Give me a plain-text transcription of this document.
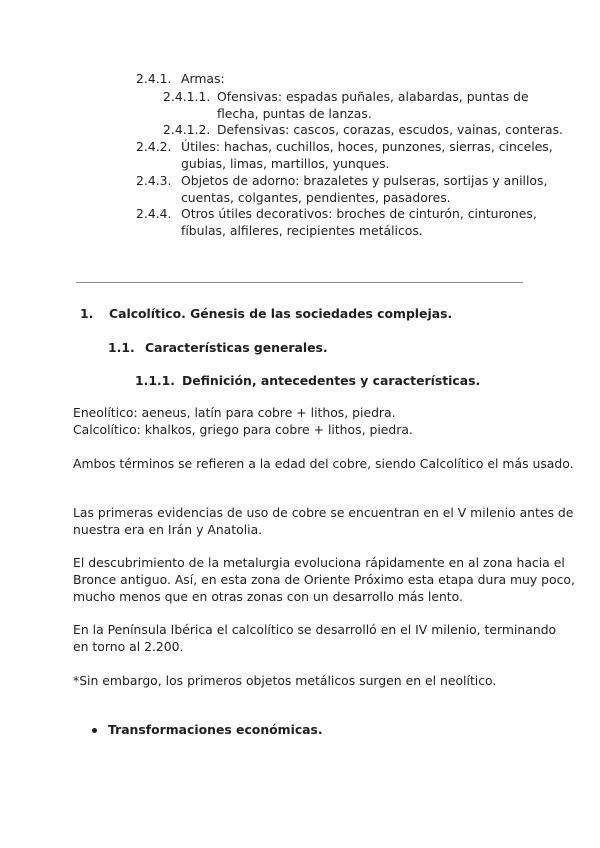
2.4.1. Armas:
2.4.1.1. Ofensivas: espadas puñales, alabardas, puntas de
flecha, puntas de lanzas.
2.4.1.2. Defensivas: cascos, corazas, escudos, vainas, conteras.
2.4.2. Útiles: hachas, cuchillos, hoces, punzones, sierras, cinceles,
gubias, limas, martillos, yunques.
2.4.3. Objetos de adorno: brazaletes y pulseras, sortijas y anillos,
cuentas, colgantes, pendientes, pasadores.
2.4.4. Otros útiles decorativos: broches de cinturón, cinturones,
fíbulas, alfileres, recipientes metálicos.
1. Calcolítico. Génesis de las sociedades complejas.
1.1. Características generales.
1.1.1. Definición, antecedentes y características.
Eneolítico: aeneus, latín para cobre + lithos, piedra.
Calcolítico: khalkos, griego para cobre + lithos, piedra.
Ambos términos se refieren a la edad del cobre, siendo Calcolítico el más usado.
Las primeras evidencias de uso de cobre se encuentran en el V milenio antes de
nuestra era en Irán y Anatolia.
El descubrimiento de la metalurgia evoluciona rápidamente en al zona hacia el
Bronce antiguo. Así, en esta zona de Oriente Próximo esta etapa dura muy poco,
mucho menos que en otras zonas con un desarrollo más lento.
En la Península Ibérica el calcolítico se desarrolló en el IV milenio, terminando
en torno al 2.200.
*Sin embargo, los primeros objetos metálicos surgen en el neolítico.
Transformaciones económicas.
